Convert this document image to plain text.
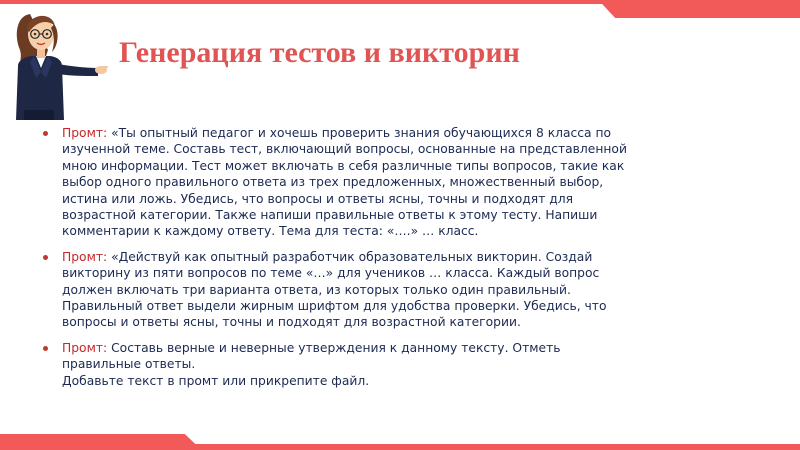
Генерация тестов и викторин
Промт: «Ты опытный педагог и хочешь проверить знания обучающихся 8 класса по
изученной теме. Составь тест, включающий вопросы, основанные на представленной
мною информации. Тест может включать в себя различные типы вопросов, такие как
выбор одного правильного ответа из трех предложенных, множественный выбор,
истина или ложь. Убедись, что вопросы и ответы ясны, точны и подходят для
возрастной категории. Также напиши правильные ответы к этому тесту. Напиши
комментарии к каждому ответу. Тема для теста: «….» … класс.
Промт: «Действуй как опытный разработчик образовательных викторин. Создай
викторину из пяти вопросов по теме «…» для учеников … класса. Каждый вопрос
должен включать три варианта ответа, из которых только один правильный.
Правильный ответ выдели жирным шрифтом для удобства проверки. Убедись, что
вопросы и ответы ясны, точны и подходят для возрастной категории.
Промт: Составь верные и неверные утверждения к данному тексту. Отметь
правильные ответы.
Добавьте текст в промт или прикрепите файл.
